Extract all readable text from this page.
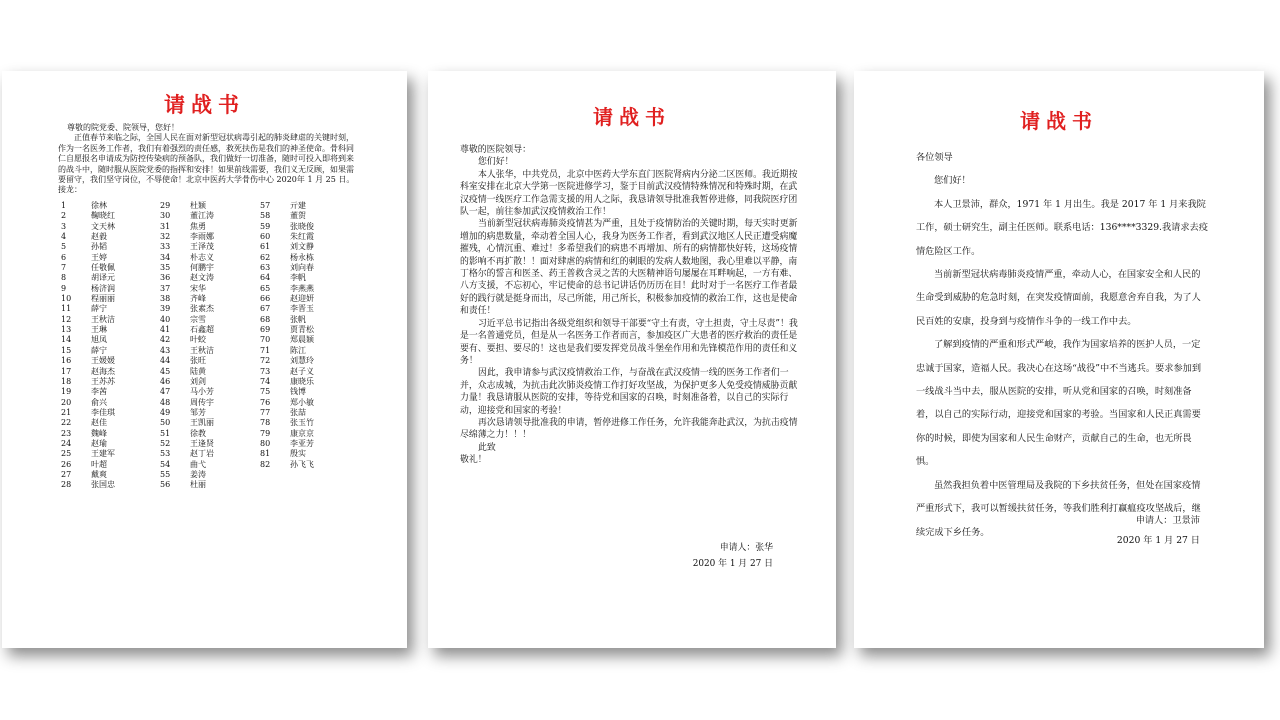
请战书

尊敬的院党委、院领导，您好！

正值春节来临之际，全国人民在面对新型冠状病毒引起的肺炎肆虐的关键时刻，作为一名医务工作者，我们有着强烈的责任感，救死扶伤是我们的神圣使命。骨科同仁自愿报名申请成为防控传染病的预备队，我们做好一切准备，随时可投入即将到来的战斗中，随时服从医院党委的指挥和安排！如果前线需要，我们义无反顾，如果需要留守，我们坚守岗位，不辱使命！北京中医药大学骨伤中心 2020年 1 月 25 日。 接龙：

1	徐林
2	鞠晓红
3	文天林
4	赵毅
5	孙韬
6	王婷
7	任敬佩
8	胡译元
9	杨济润
10 程丽丽
11 薛宁
12 王秋洁
13 王琳
14 旭凤
15 薛宁
16 王媛媛
17 赵海杰
18 王苏苏
19 李茜
20 俞兴
21 李佳琪
22 赵佳
23 魏峰
24 赵瑜
25 王建军
26 叶超
27 戴爽
28 张国忠
29 杜颖
30 董江涛
31 焦勇
32 李雨娜
33 王泽茂
34 朴志义
35 何鹏宇
36 赵文涛
37 宋华
38 齐峰
39 张素杰
40 宗雪
41 石鑫超
42 叶蛟
43 王秋洁
44 张旺
45 陆黄
46 刘剑
47 马小芳
48 周传宇
49 邹芳
50 王凯丽
51 徐教
52 王逢贤
53 赵丁岩
54 曲弋
55 姜涛
56 杜丽
57 亓建
58 董贺
59 张晓俊
60 朱红霞
61 刘文静
62 杨永栋
63 刘向春
64 李帆
65 李燕燕
66 赵迎妍
67 李晋玉
68 张帆
69 贾青松
70 郑晨颖
71 陈江
72 刘慧玲
73 赵子义
74 康晓乐
75 钱博
76 郑小敏
77 张喆
78 张玉竹
79 康京京
80 李亚芳
81 殷实
82 孙飞飞
请战书

尊敬的医院领导：

您们好！

本人张华，中共党员，北京中医药大学东直门医院肾病内分泌二区医师。我近期按科室安排在北京大学第一医院进修学习，鉴于目前武汉疫情特殊情况和特殊时期，在武汉疫情一线医疗工作急需支援的用人之际，我恳请领导批准我暂停进修，同我院医疗团队一起，前往参加武汉疫情救治工作！

当前新型冠状病毒肺炎疫情甚为严重，且处于疫情防治的关键时期，每天实时更新增加的病患数量，牵动着全国人心，我身为医务工作者，看到武汉地区人民正遭受病魔摧残，心情沉重、难过！多希望我们的病患不再增加、所有的病情都快好转，这场疫情的影响不再扩散！！面对肆虐的病情和红的刺眼的发病人数地图，我心里难以平静，南丁格尔的誓言和医圣、药王普救含灵之苦的大医精神语句屡屡在耳畔响起，一方有难、八方支援，不忘初心，牢记使命的总书记讲话仍历历在目！此时对于一名医疗工作者最好的践行就是挺身而出，尽己所能，用己所长，积极参加疫情的救治工作，这也是使命和责任！

习近平总书记指出各级党组织和领导干部要“守土有责，守土担责，守土尽责”！我是一名普通党员，但是从一名医务工作者而言，参加疫区广大患者的医疗救治的责任是要有、要担、要尽的！这也是我们要发挥党员战斗堡垒作用和先锋模范作用的责任和义务！

因此，我申请参与武汉疫情救治工作，与奋战在武汉疫情一线的医务工作者们一并，众志成城，为抗击此次肺炎疫情工作打好攻坚战，为保护更多人免受疫情威胁贡献力量！我恳请服从医院的安排，等待党和国家的召唤，时刻准备着，以自己的实际行动，迎接党和国家的考验！

再次恳请领导批准我的申请，暂停进修工作任务，允许我能奔赴武汉，为抗击疫情尽绵薄之力！！！

此致

敬礼！

申请人：张华
2020 年 1 月 27 日
请战书

各位领导

您们好！

本人卫景沛，群众，1971 年 1 月出生。我是 2017 年 1 月来我院工作，硕士研究生，副主任医师。联系电话：136****3329.我请求去疫情危险区工作。

当前新型冠状病毒肺炎疫情严重，牵动人心，在国家安全和人民的生命受到威胁的危急时刻，在突发疫情面前，我愿意舍弃自我，为了人民百姓的安康，投身到与疫情作斗争的一线工作中去。

了解到疫情的严重和形式严峻，我作为国家培养的医护人员，一定忠诚于国家，造福人民。我决心在这场“战役”中不当逃兵。要求参加到一线战斗当中去，服从医院的安排，听从党和国家的召唤，时刻准备着，以自己的实际行动，迎接党和国家的考验。当国家和人民正真需要你的时候，即使为国家和人民生命财产，贡献自己的生命，也无所畏惧。

虽然我担负着中医管理局及我院的下乡扶贫任务，但处在国家疫情严重形式下，我可以暂缓扶贫任务，等我们胜利打赢瘟疫攻坚战后，继续完成下乡任务。

申请人：卫景沛
2020 年 1 月 27 日
